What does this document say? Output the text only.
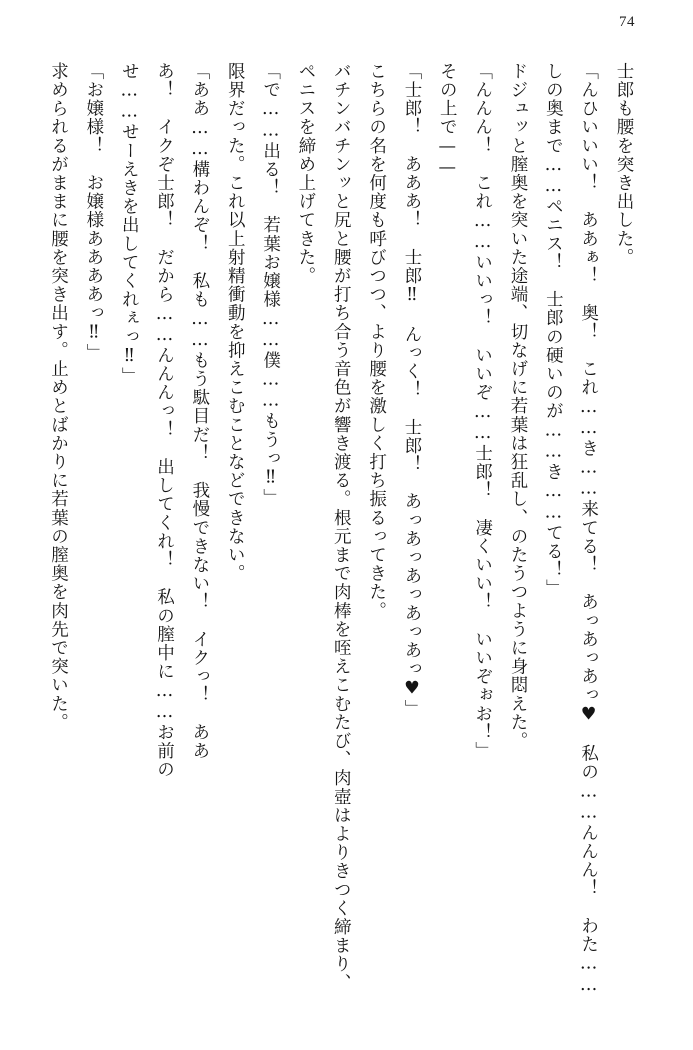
74

士郎も腰を突き出した。

「んひいいい！　ああぁ！　奥！　これ……き……来てる！　あっあっあっ♥　私の……んんん！　わた……しの奥まで……ペニス！　士郎の硬いのが……き……てる！」

ドジュッと膣奥を突いた途端、切なげに若葉は狂乱し、のたうつように身悶えた。

「んんん！　これ……いいっ！　いいぞ……士郎！　凄くいい！　いいぞぉお！」

その上で——

「士郎！　あああ！　士郎‼　んっく！　士郎！　あっあっあっあっあっ♥」

こちらの名を何度も呼びつつ、より腰を激しく打ち振るってきた。

バチンバチンッと尻と腰が打ち合う音色が響き渡る。根元まで肉棒を咥えこむたび、肉壺はよりきつく締まり、ペニスを締め上げてきた。

「で……出る！　若葉お嬢様……僕……もうっ‼」

限界だった。これ以上射精衝動を抑えこむことなどできない。

「ああ……構わんぞ！　私も……もう駄目だ！　我慢できない！　イクっ！　ああ

あ！　イクぞ士郎！　だから……んんんっ！　出してくれ！　私の膣中に……お前の

せ……せーえきを出してくれぇっ‼」

「お嬢様！　お嬢様ああああっ‼」

求められるがままに腰を突き出す。止めとばかりに若葉の膣奥を肉先で突いた。
